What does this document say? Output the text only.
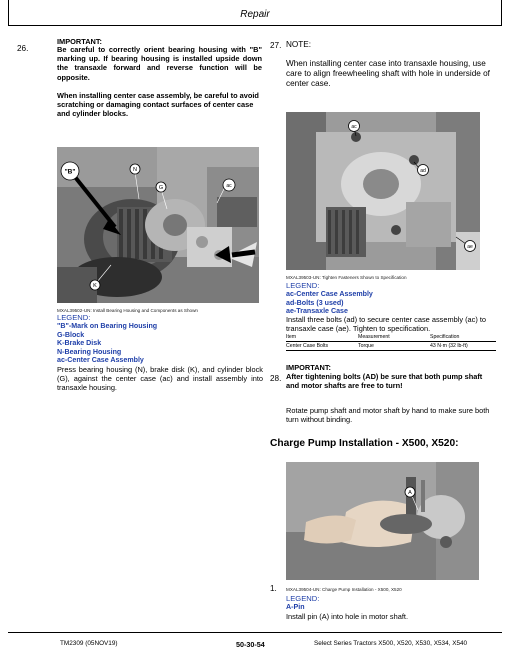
Repair
26.
IMPORTANT:
Be careful to correctly orient bearing housing with "B" marking up. If bearing housing is installed upside down the transaxle forward and reverse function will be opposite.
When installing center case assembly, be careful to avoid scratching or damaging contact surfaces of center case and cylinder blocks.
"B"	N
G	ac
K
MXAL39502-UN: Install Bearing Housing and Components as Shown
LEGEND:
"B"-Mark on Bearing Housing
G-Block
K-Brake Disk
N-Bearing Housing
ac-Center Case Assembly
Press bearing housing (N), brake disk (K), and cylinder block (G), against the center case (ac) and install assembly into transaxle housing.
27. NOTE:
When installing center case into transaxle housing, use care to align freewheeling shaft with hole in underside of center case.
ac
ad
ae
MXAL39503-UN: Tighten Fasteners Shown to Specification
LEGEND:
ac-Center Case Assembly
ad-Bolts (3 used)
ae-Transaxle Case
Install three bolts (ad) to secure center case assembly (ac) to transaxle case (ae). Tighten to specification.
Item	Measurement	Specification
Center Case Bolts	Torque	43 N·m (32 lb-ft)
28.
IMPORTANT:
After tightening bolts (AD) be sure that both pump shaft and motor shafts are free to turn!
Rotate pump shaft and motor shaft by hand to make sure both turn without binding.
Charge Pump Installation - X500, X520:
A
1. MXAL39504-UN: Charge Pump Installation - X500, X520
LEGEND:
A-Pin
Install pin (A) into hole in motor shaft.
TM2309 (05NOV19)	50-30-54	Select Series Tractors X500, X520, X530, X534, X540
